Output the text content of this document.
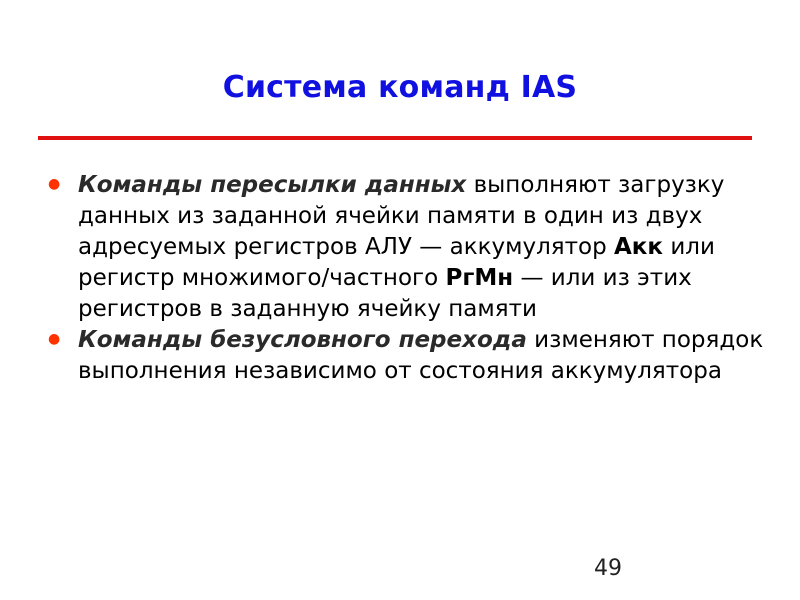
Система команд IAS
● Команды пересылки данных выполняют загрузку данных из заданной ячейки памяти в один из двух адресуемых регистров АЛУ — аккумулятор Акк или регистр множимого/частного РгМн — или из этих регистров в заданную ячейку памяти
● Команды безусловного перехода изменяют порядок выполнения независимо от состояния аккумулятора
49
